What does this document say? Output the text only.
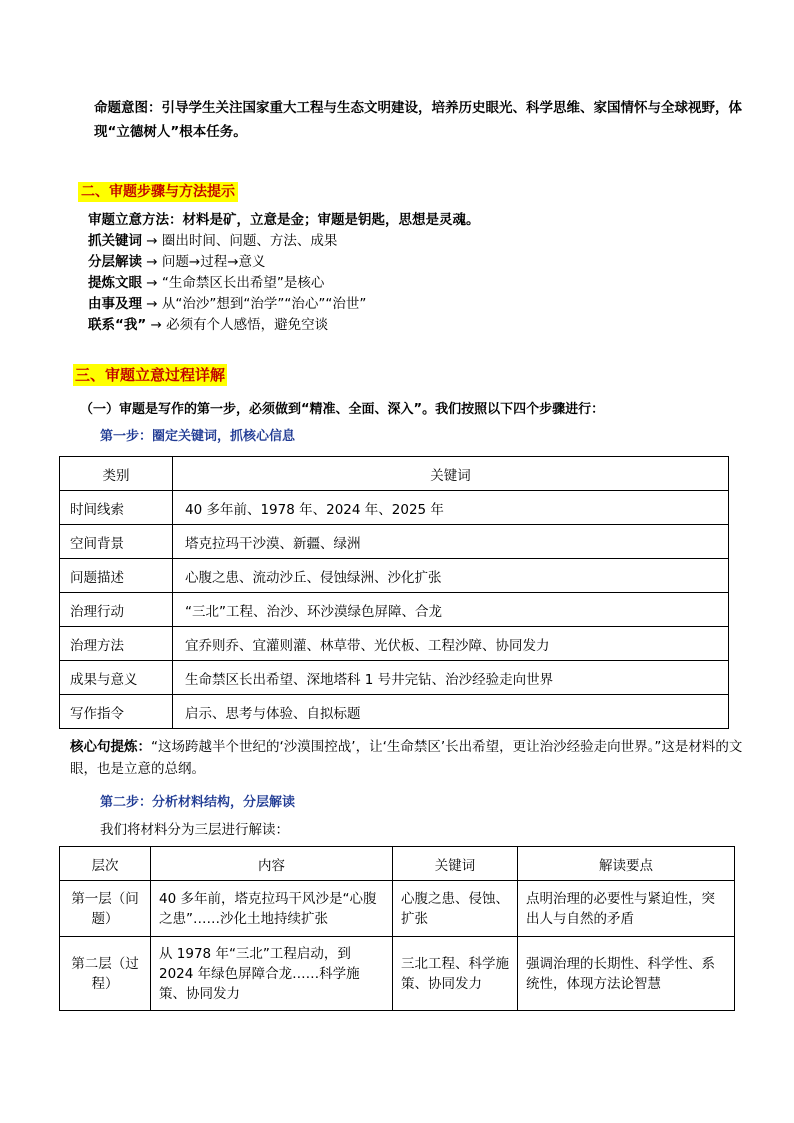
命题意图：引导学生关注国家重大工程与生态文明建设，培养历史眼光、科学思维、家国情怀与全球视野，体现“立德树人”根本任务。
二、审题步骤与方法提示
审题立意方法：材料是矿，立意是金；审题是钥匙，思想是灵魂。
抓关键词 → 圈出时间、问题、方法、成果
分层解读 → 问题→过程→意义
提炼文眼 → “生命禁区长出希望”是核心
由事及理 → 从“治沙”想到“治学”“治心”“治世”
联系“我” → 必须有个人感悟，避免空谈
三、审题立意过程详解
（一）审题是写作的第一步，必须做到“精准、全面、深入”。我们按照以下四个步骤进行：
第一步：圈定关键词，抓核心信息
类别	关键词
时间线索	40 多年前、1978 年、2024 年、2025 年
空间背景	塔克拉玛干沙漠、新疆、绿洲
问题描述	心腹之患、流动沙丘、侵蚀绿洲、沙化扩张
治理行动	“三北”工程、治沙、环沙漠绿色屏障、合龙
治理方法	宜乔则乔、宜灌则灌、林草带、光伏板、工程沙障、协同发力
成果与意义	生命禁区长出希望、深地塔科 1 号井完钻、治沙经验走向世界
写作指令	启示、思考与体验、自拟标题
核心句提炼：“这场跨越半个世纪的‘沙漠围控战’，让‘生命禁区’长出希望，更让治沙经验走向世界。”这是材料的文眼，也是立意的总纲。
第二步：分析材料结构，分层解读
我们将材料分为三层进行解读：
层次	内容	关键词	解读要点
第一层（问题）	40 多年前，塔克拉玛干风沙是“心腹之患”……沙化土地持续扩张	心腹之患、侵蚀、扩张	点明治理的必要性与紧迫性，突出人与自然的矛盾
第二层（过程）	从 1978 年“三北”工程启动，到 2024 年绿色屏障合龙……科学施策、协同发力	三北工程、科学施策、协同发力	强调治理的长期性、科学性、系统性，体现方法论智慧
